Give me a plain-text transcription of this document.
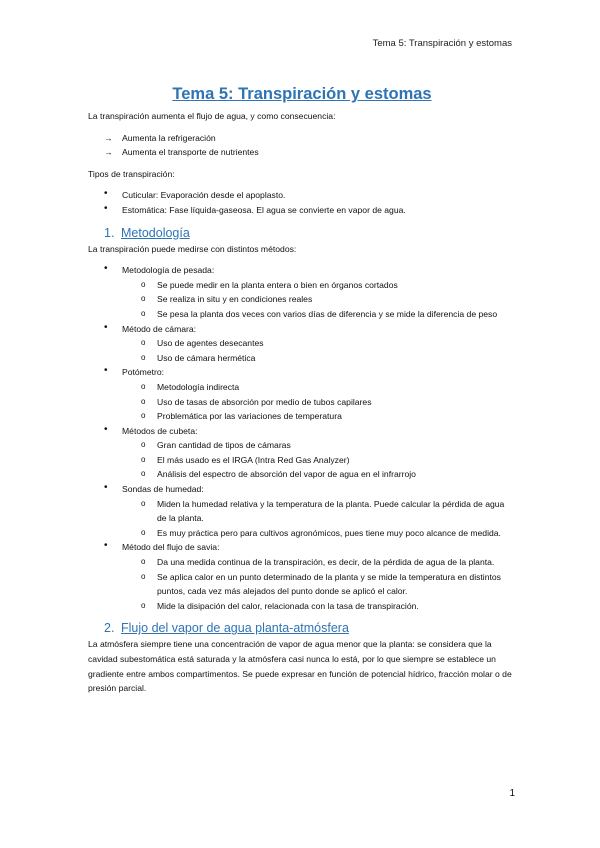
Tema 5: Transpiración y estomas
Tema 5: Transpiración y estomas

La transpiración aumenta el flujo de agua, y como consecuencia:

→ Aumenta la refrigeración
→ Aumenta el transporte de nutrientes

Tipos de transpiración:

• Cuticular: Evaporación desde el apoplasto.
• Estomática: Fase líquida-gaseosa. El agua se convierte en vapor de agua.
1. Metodología

La transpiración puede medirse con distintos métodos:

• Metodología de pesada:
o Se puede medir en la planta entera o bien en órganos cortados
o Se realiza in situ y en condiciones reales
o Se pesa la planta dos veces con varios días de diferencia y se mide la diferencia de peso
• Método de cámara:
o Uso de agentes desecantes
o Uso de cámara hermética
• Potómetro:
o Metodología indirecta
o Uso de tasas de absorción por medio de tubos capilares
o Problemática por las variaciones de temperatura
• Métodos de cubeta:
o Gran cantidad de tipos de cámaras
o El más usado es el IRGA (Intra Red Gas Analyzer)
o Análisis del espectro de absorción del vapor de agua en el infrarrojo
• Sondas de humedad:
o Miden la humedad relativa y la temperatura de la planta. Puede calcular la pérdida de agua de la planta.
o Es muy práctica pero para cultivos agronómicos, pues tiene muy poco alcance de medida.
• Método del flujo de savia:
o Da una medida continua de la transpiración, es decir, de la pérdida de agua de la planta.
o Se aplica calor en un punto determinado de la planta y se mide la temperatura en distintos puntos, cada vez más alejados del punto donde se aplicó el calor.
o Mide la disipación del calor, relacionada con la tasa de transpiración.
2. Flujo del vapor de agua planta-atmósfera

La atmósfera siempre tiene una concentración de vapor de agua menor que la planta: se considera que la cavidad subestomática está saturada y la atmósfera casi nunca lo está, por lo que siempre se establece un gradiente entre ambos compartimentos. Se puede expresar en función de potencial hídrico, fracción molar o de presión parcial.

1
